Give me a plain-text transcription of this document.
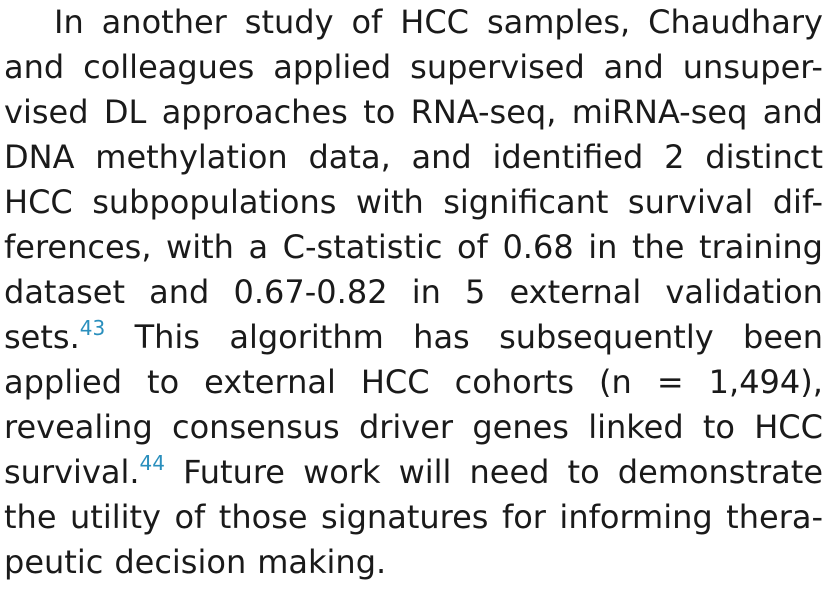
In another study of HCC samples, Chaudhary
and colleagues applied supervised and unsuper-
vised DL approaches to RNA-seq, miRNA-seq and
DNA methylation data, and identified 2 distinct
HCC subpopulations with significant survival dif-
ferences, with a C-statistic of 0.68 in the training
dataset and 0.67-0.82 in 5 external validation
sets.$^{43}$ This algorithm has subsequently been
applied to external HCC cohorts (n = 1,494),
revealing consensus driver genes linked to HCC
survival.$^{44}$ Future work will need to demonstrate
the utility of those signatures for informing thera-
peutic decision making.
